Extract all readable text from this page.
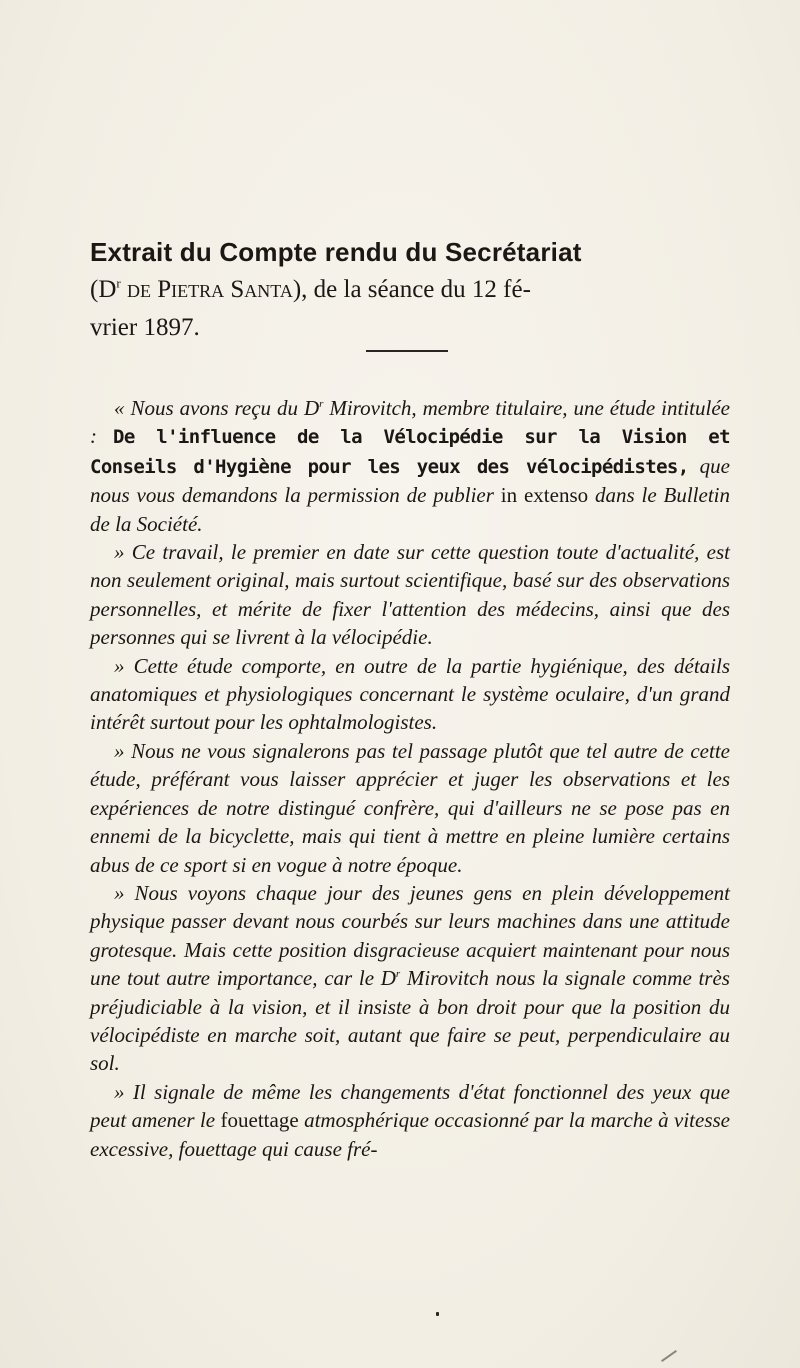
Extrait du Compte rendu du Secrétariat
($D^r$ de Pietra Santa), de la séance du 12 fé-
vrier 1897.

« Nous avons reçu du $D^r$ Mirovitch, membre titulaire, une étude intitulée : De l'influence de la Vélocipédie sur la Vision et Conseils d'Hygiène pour les yeux des vélocipédistes, que nous vous demandons la permission de publier in extenso dans le Bulletin de la Société.

» Ce travail, le premier en date sur cette question toute d'actualité, est non seulement original, mais surtout scientifique, basé sur des observations personnelles, et mérite de fixer l'attention des médecins, ainsi que des personnes qui se livrent à la vélocipédie.

» Cette étude comporte, en outre de la partie hygiénique, des détails anatomiques et physiologiques concernant le système oculaire, d'un grand intérêt surtout pour les ophtalmologistes.

» Nous ne vous signalerons pas tel passage plutôt que tel autre de cette étude, préférant vous laisser apprécier et juger les observations et les expériences de notre distingué confrère, qui d'ailleurs ne se pose pas en ennemi de la bicyclette, mais qui tient à mettre en pleine lumière certains abus de ce sport si en vogue à notre époque.

» Nous voyons chaque jour des jeunes gens en plein développement physique passer devant nous courbés sur leurs machines dans une attitude grotesque. Mais cette position disgracieuse acquiert maintenant pour nous une tout autre importance, car le $D^r$ Mirovitch nous la signale comme très préjudiciable à la vision, et il insiste à bon droit pour que la position du vélocipédiste en marche soit, autant que faire se peut, perpendiculaire au sol.

» Il signale de même les changements d'état fonctionnel des yeux que peut amener le fouettage atmosphérique occasionné par la marche à vitesse excessive, fouettage qui cause fré-
